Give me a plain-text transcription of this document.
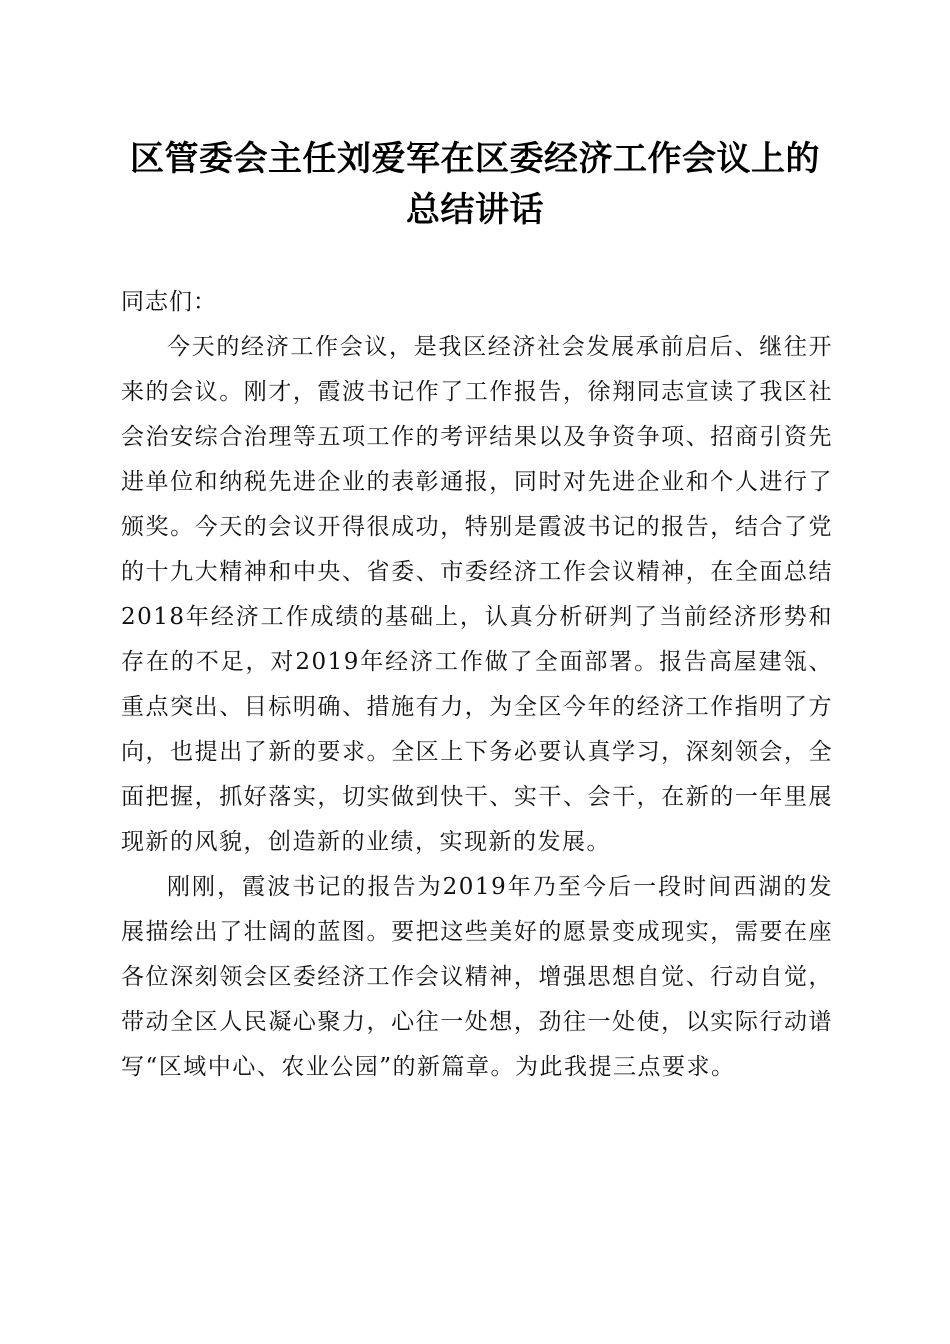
区管委会主任刘爱军在区委经济工作会议上的
总结讲话

同志们：

今天的经济工作会议，是我区经济社会发展承前启后、继往开来的会议。刚才，霞波书记作了工作报告，徐翔同志宣读了我区社会治安综合治理等五项工作的考评结果以及争资争项、招商引资先进单位和纳税先进企业的表彰通报，同时对先进企业和个人进行了颁奖。今天的会议开得很成功，特别是霞波书记的报告，结合了党的十九大精神和中央、省委、市委经济工作会议精神，在全面总结2018年经济工作成绩的基础上，认真分析研判了当前经济形势和存在的不足，对2019年经济工作做了全面部署。报告高屋建瓴、重点突出、目标明确、措施有力，为全区今年的经济工作指明了方向，也提出了新的要求。全区上下务必要认真学习，深刻领会，全面把握，抓好落实，切实做到快干、实干、会干，在新的一年里展现新的风貌，创造新的业绩，实现新的发展。

刚刚，霞波书记的报告为2019年乃至今后一段时间西湖的发展描绘出了壮阔的蓝图。要把这些美好的愿景变成现实，需要在座各位深刻领会区委经济工作会议精神，增强思想自觉、行动自觉，带动全区人民凝心聚力，心往一处想，劲往一处使，以实际行动谱写“区域中心、农业公园”的新篇章。为此我提三点要求。
